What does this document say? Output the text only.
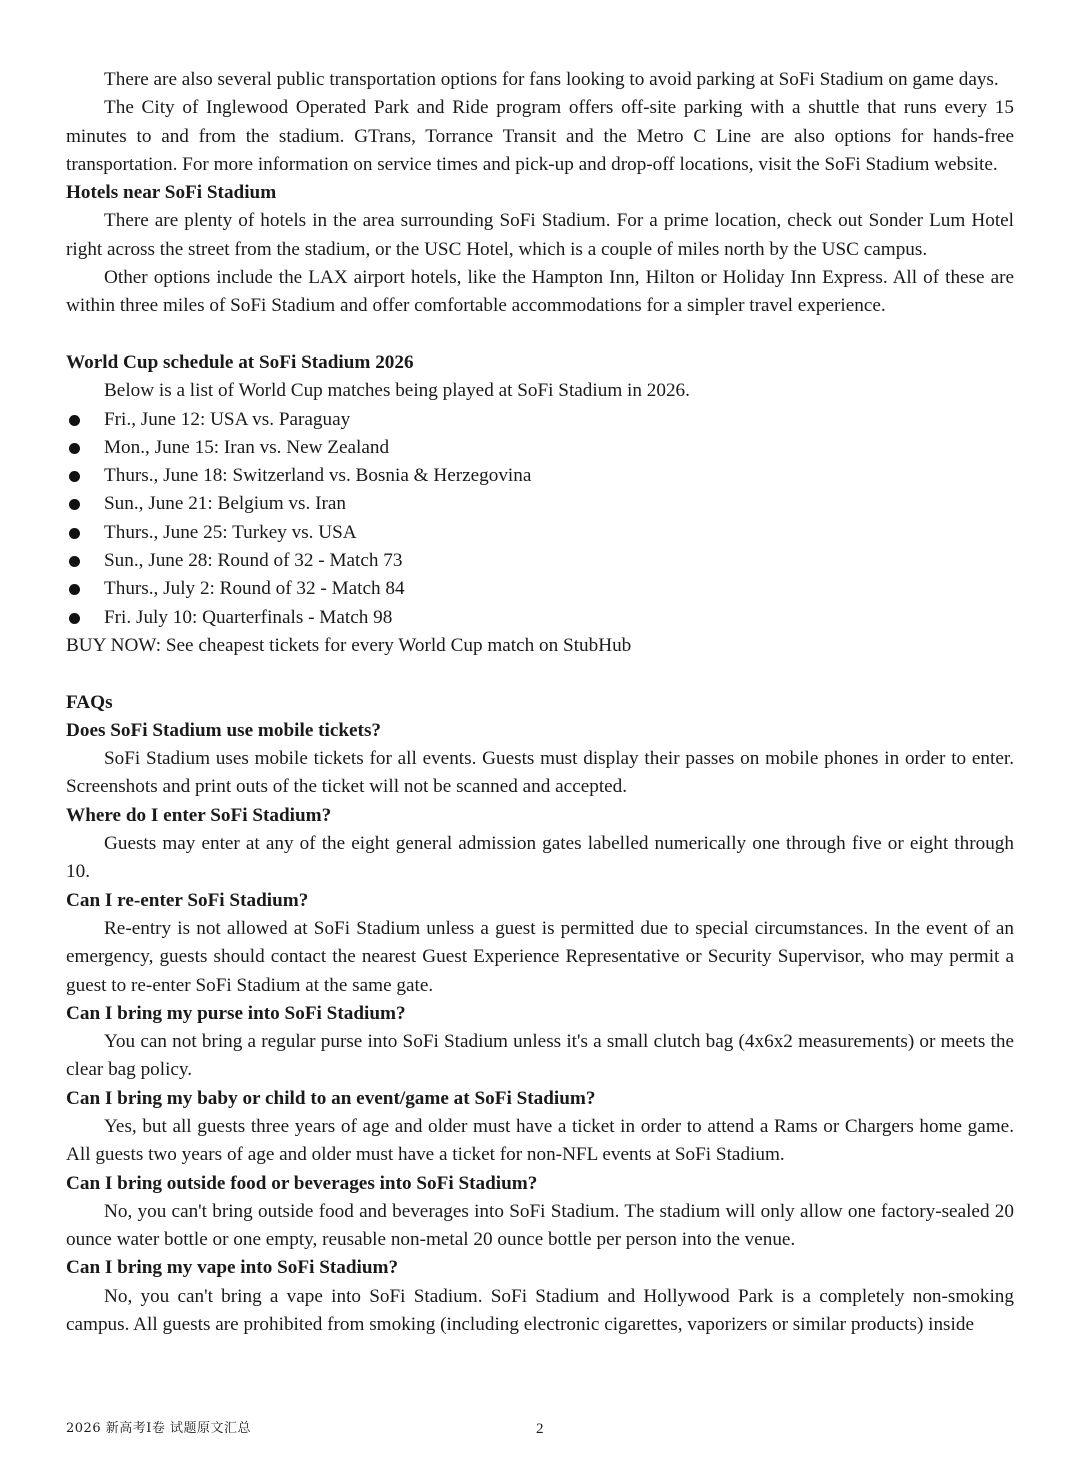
There are also several public transportation options for fans looking to avoid parking at SoFi Stadium on game days.

The City of Inglewood Operated Park and Ride program offers off-site parking with a shuttle that runs every 15 minutes to and from the stadium. GTrans, Torrance Transit and the Metro C Line are also options for hands-free transportation. For more information on service times and pick-up and drop-off locations, visit the SoFi Stadium website.

Hotels near SoFi Stadium

There are plenty of hotels in the area surrounding SoFi Stadium. For a prime location, check out Sonder Lum Hotel right across the street from the stadium, or the USC Hotel, which is a couple of miles north by the USC campus.

Other options include the LAX airport hotels, like the Hampton Inn, Hilton or Holiday Inn Express. All of these are within three miles of SoFi Stadium and offer comfortable accommodations for a simpler travel experience.

World Cup schedule at SoFi Stadium 2026

Below is a list of World Cup matches being played at SoFi Stadium in 2026.

Fri., June 12: USA vs. Paraguay
Mon., June 15: Iran vs. New Zealand
Thurs., June 18: Switzerland vs. Bosnia & Herzegovina
Sun., June 21: Belgium vs. Iran
Thurs., June 25: Turkey vs. USA
Sun., June 28: Round of 32 - Match 73
Thurs., July 2: Round of 32 - Match 84
Fri. July 10: Quarterfinals - Match 98

BUY NOW: See cheapest tickets for every World Cup match on StubHub

FAQs
Does SoFi Stadium use mobile tickets?

SoFi Stadium uses mobile tickets for all events. Guests must display their passes on mobile phones in order to enter. Screenshots and print outs of the ticket will not be scanned and accepted.

Where do I enter SoFi Stadium?

Guests may enter at any of the eight general admission gates labelled numerically one through five or eight through 10.

Can I re-enter SoFi Stadium?

Re-entry is not allowed at SoFi Stadium unless a guest is permitted due to special circumstances. In the event of an emergency, guests should contact the nearest Guest Experience Representative or Security Supervisor, who may permit a guest to re-enter SoFi Stadium at the same gate.

Can I bring my purse into SoFi Stadium?

You can not bring a regular purse into SoFi Stadium unless it's a small clutch bag (4x6x2 measurements) or meets the clear bag policy.

Can I bring my baby or child to an event/game at SoFi Stadium?

Yes, but all guests three years of age and older must have a ticket in order to attend a Rams or Chargers home game. All guests two years of age and older must have a ticket for non-NFL events at SoFi Stadium.

Can I bring outside food or beverages into SoFi Stadium?

No, you can't bring outside food and beverages into SoFi Stadium. The stadium will only allow one factory-sealed 20 ounce water bottle or one empty, reusable non-metal 20 ounce bottle per person into the venue.

Can I bring my vape into SoFi Stadium?

No, you can't bring a vape into SoFi Stadium. SoFi Stadium and Hollywood Park is a completely non-smoking campus. All guests are prohibited from smoking (including electronic cigarettes, vaporizers or similar products) inside

2026 新高考I卷 试题原文汇总	2
